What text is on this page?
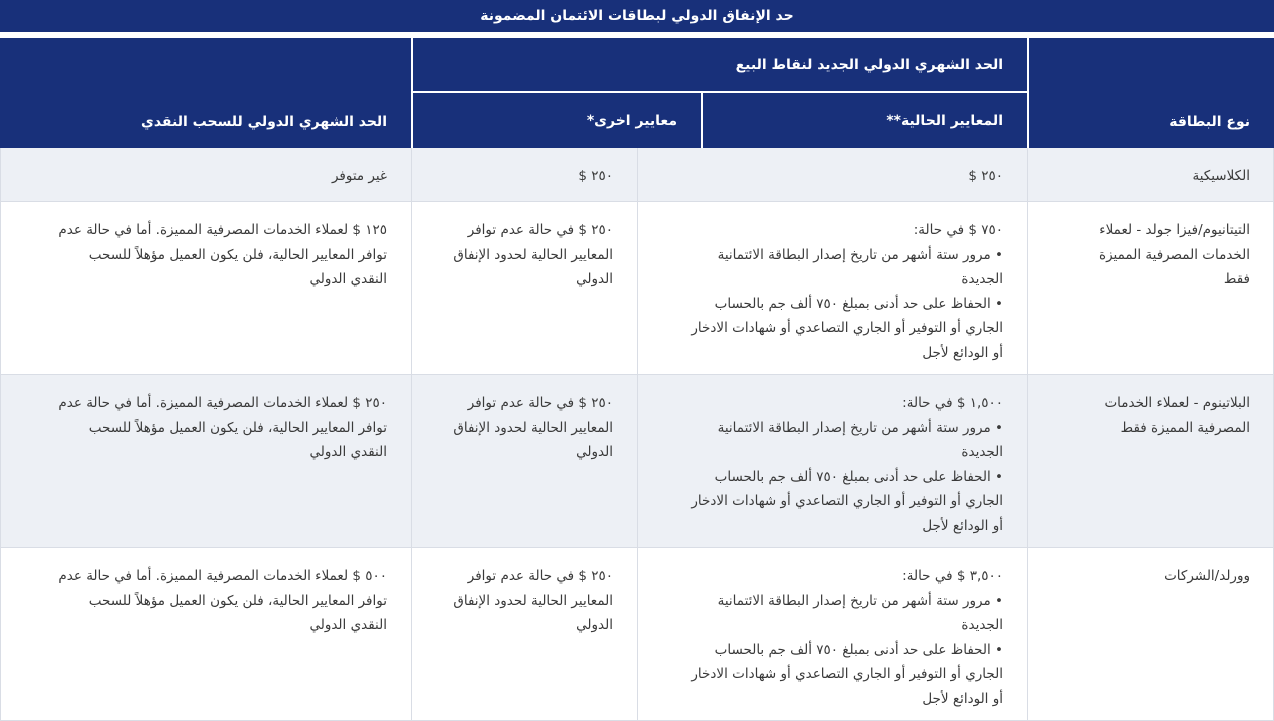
حد الإنفاق الدولي لبطاقات الائتمان المضمونة
نوع البطاقة
الحد الشهري الدولي الجديد لنقاط البيع
المعايير الحالية**
معايير اخرى*
الحد الشهري الدولي للسحب النقدي
الكلاسيكية
٢٥٠ $
٢٥٠ $
غير متوفر
التيتانيوم/فيزا جولد - لعملاء
الخدمات المصرفية المميزة
فقط
٧٥٠ $ في حالة:
• مرور ستة أشهر من تاريخ إصدار البطاقة الائتمانية
الجديدة
• الحفاظ على حد أدنى بمبلغ ٧٥٠ ألف جم بالحساب
الجاري أو التوفير أو الجاري التصاعدي أو شهادات الادخار
أو الودائع لأجل
٢٥٠ $ في حالة عدم توافر
المعايير الحالية لحدود الإنفاق
الدولي
١٢٥ $ لعملاء الخدمات المصرفية المميزة. أما في حالة عدم
توافر المعايير الحالية، فلن يكون العميل مؤهلاً للسحب
النقدي الدولي
البلاتينوم - لعملاء الخدمات
المصرفية المميزة فقط
١,٥٠٠ $ في حالة:
• مرور ستة أشهر من تاريخ إصدار البطاقة الائتمانية
الجديدة
• الحفاظ على حد أدنى بمبلغ ٧٥٠ ألف جم بالحساب
الجاري أو التوفير أو الجاري التصاعدي أو شهادات الادخار
أو الودائع لأجل
٢٥٠ $ في حالة عدم توافر
المعايير الحالية لحدود الإنفاق
الدولي
٢٥٠ $ لعملاء الخدمات المصرفية المميزة. أما في حالة عدم
توافر المعايير الحالية، فلن يكون العميل مؤهلاً للسحب
النقدي الدولي
وورلد/الشركات
٣,٥٠٠ $ في حالة:
• مرور ستة أشهر من تاريخ إصدار البطاقة الائتمانية
الجديدة
• الحفاظ على حد أدنى بمبلغ ٧٥٠ ألف جم بالحساب
الجاري أو التوفير أو الجاري التصاعدي أو شهادات الادخار
أو الودائع لأجل
٢٥٠ $ في حالة عدم توافر
المعايير الحالية لحدود الإنفاق
الدولي
٥٠٠ $ لعملاء الخدمات المصرفية المميزة. أما في حالة عدم
توافر المعايير الحالية، فلن يكون العميل مؤهلاً للسحب
النقدي الدولي
